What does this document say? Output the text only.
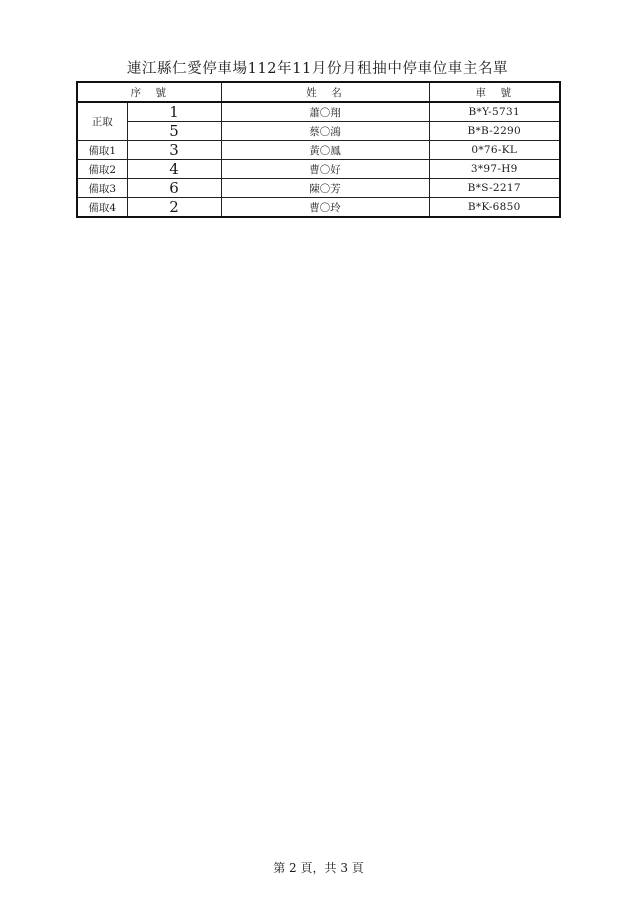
連江縣仁愛停車場112年11月份月租抽中停車位車主名單
序　號		姓　名	車　號
正取	1	蕭〇翔	B*Y-5731
	5	蔡〇鴻	B*B-2290
備取1	3	黃〇鳳	0*76-KL
備取2	4	曹〇好	3*97-H9
備取3	6	陳〇芳	B*S-2217
備取4	2	曹〇玲	B*K-6850
第 2 頁，共 3 頁
